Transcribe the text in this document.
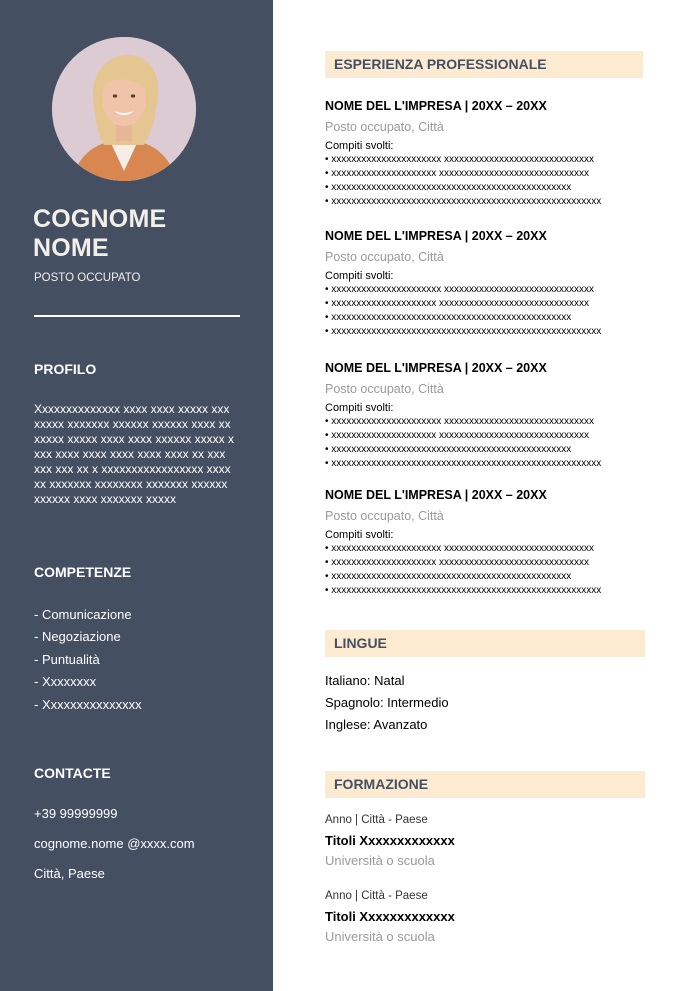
COGNOME
NOME
POSTO OCCUPATO
PROFILO
Xxxxxxxxxxxxxx xxxx xxxx xxxxx xxxxxxxx xxxxxxx xxxxxx xxxxxx xxxx xxxxxxx xxxxx xxxx xxxx xxxxxx xxxxx xxxx xxxx xxxx xxxx xxxx xxxx xx xxx xxx xxx xx x xxxxxxxxxxxxxxxxx xxxxxx xxxxxxx xxxxxxxx xxxxxxx xxxxxx xxxxxx xxxx xxxxxxx xxxxx
COMPETENZE
- Comunicazione
- Negoziazione
- Puntualità
- Xxxxxxxx
- Xxxxxxxxxxxxxxx
CONTACTE
+39 99999999
cognome.nome @xxxx.com
Città, Paese
ESPERIENZA PROFESSIONALE
NOME DEL L'IMPRESA | 20XX – 20XX
Posto occupato, Città
Compiti svolti:
• xxxxxxxxxxxxxxxxxxxxxx xxxxxxxxxxxxxxxxxxxxxxxxxxxxxx
• xxxxxxxxxxxxxxxxxxxxx xxxxxxxxxxxxxxxxxxxxxxxxxxxxxx
• xxxxxxxxxxxxxxxxxxxxxxxxxxxxxxxxxxxxxxxxxxxxxxxx
• xxxxxxxxxxxxxxxxxxxxxxxxxxxxxxxxxxxxxxxxxxxxxxxxxxxxxx
NOME DEL L'IMPRESA | 20XX – 20XX
Posto occupato, Città
Compiti svolti:
• xxxxxxxxxxxxxxxxxxxxxx xxxxxxxxxxxxxxxxxxxxxxxxxxxxxx
• xxxxxxxxxxxxxxxxxxxxx xxxxxxxxxxxxxxxxxxxxxxxxxxxxxx
• xxxxxxxxxxxxxxxxxxxxxxxxxxxxxxxxxxxxxxxxxxxxxxxx
• xxxxxxxxxxxxxxxxxxxxxxxxxxxxxxxxxxxxxxxxxxxxxxxxxxxxxx
NOME DEL L'IMPRESA | 20XX – 20XX
Posto occupato, Città
Compiti svolti:
• xxxxxxxxxxxxxxxxxxxxxx xxxxxxxxxxxxxxxxxxxxxxxxxxxxxx
• xxxxxxxxxxxxxxxxxxxxx xxxxxxxxxxxxxxxxxxxxxxxxxxxxxx
• xxxxxxxxxxxxxxxxxxxxxxxxxxxxxxxxxxxxxxxxxxxxxxxx
• xxxxxxxxxxxxxxxxxxxxxxxxxxxxxxxxxxxxxxxxxxxxxxxxxxxxxx
NOME DEL L'IMPRESA | 20XX – 20XX
Posto occupato, Città
Compiti svolti:
• xxxxxxxxxxxxxxxxxxxxxx xxxxxxxxxxxxxxxxxxxxxxxxxxxxxx
• xxxxxxxxxxxxxxxxxxxxx xxxxxxxxxxxxxxxxxxxxxxxxxxxxxx
• xxxxxxxxxxxxxxxxxxxxxxxxxxxxxxxxxxxxxxxxxxxxxxxx
• xxxxxxxxxxxxxxxxxxxxxxxxxxxxxxxxxxxxxxxxxxxxxxxxxxxxxx
LINGUE
Italiano: Natal
Spagnolo: Intermedio
Inglese: Avanzato
FORMAZIONE
Anno | Città - Paese
Titoli Xxxxxxxxxxxxx
Università o scuola
Anno | Città - Paese
Titoli Xxxxxxxxxxxxx
Università o scuola
